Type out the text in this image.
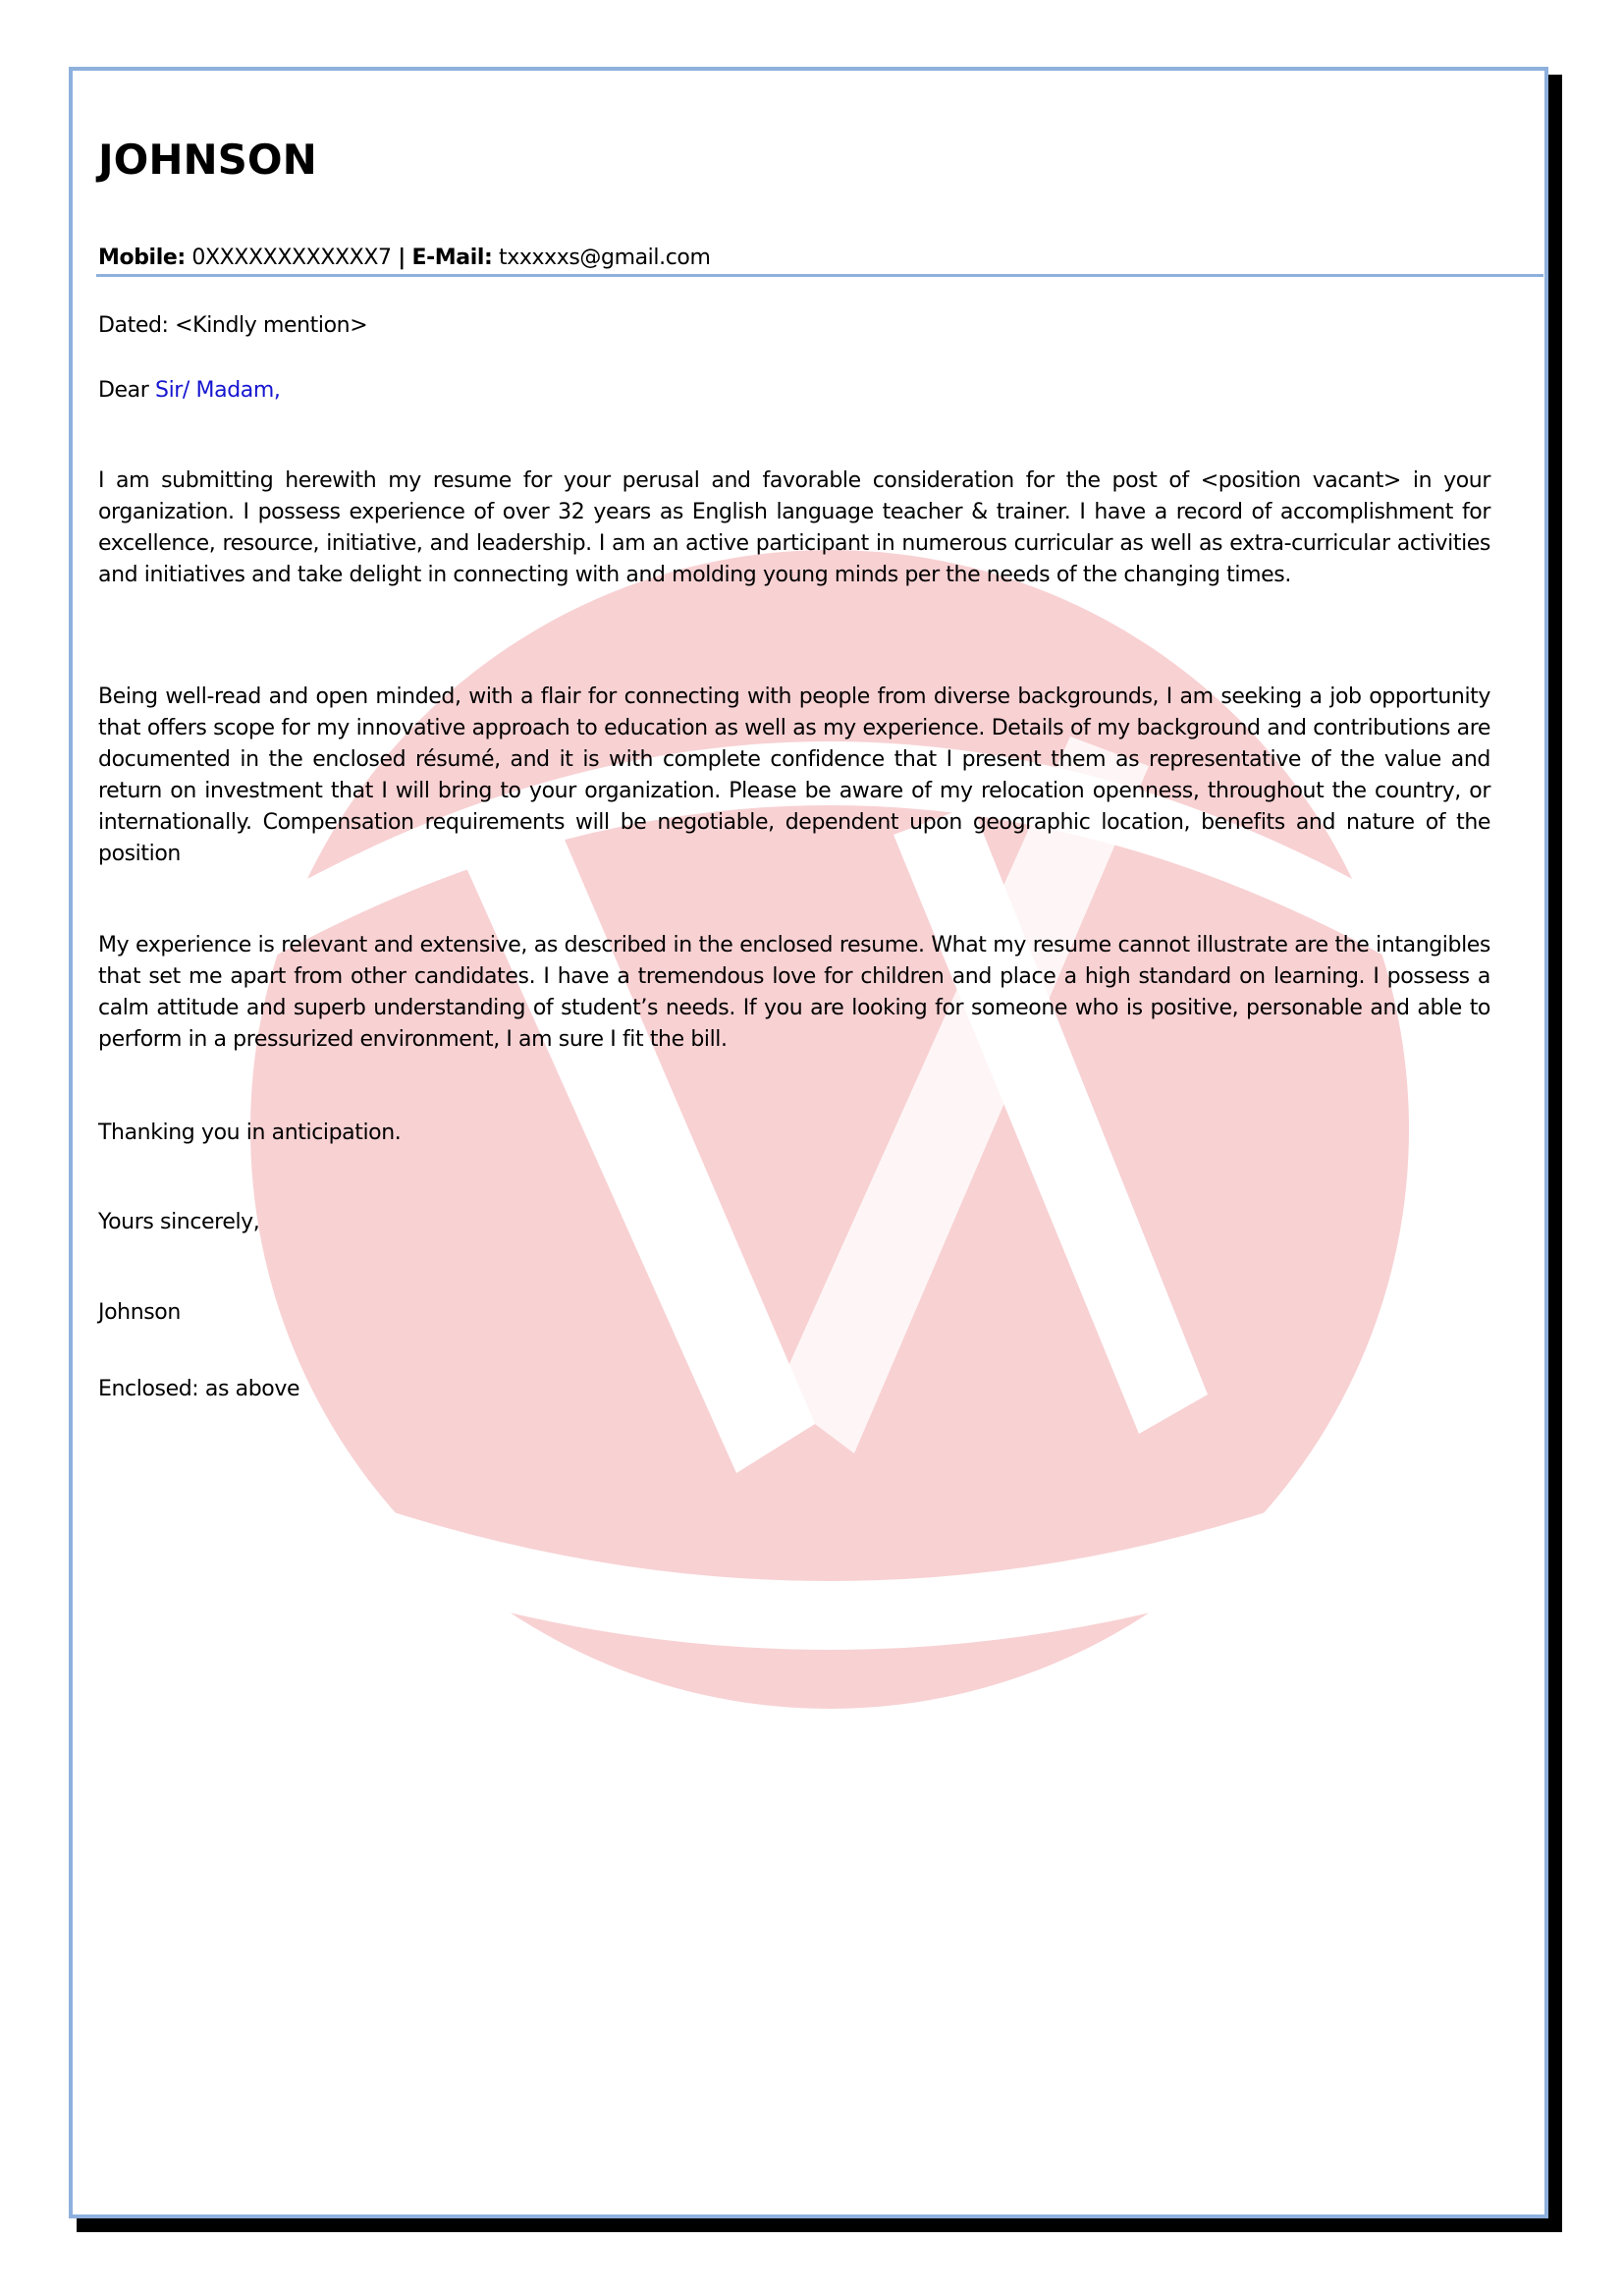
JOHNSON
Mobile: 0XXXXXXXXXXXX7 | E-Mail: txxxxxs@gmail.com
Dated: <Kindly mention>
Dear Sir/ Madam,
I am submitting herewith my resume for your perusal and favorable consideration for the post of <position vacant> in your organization. I possess experience of over 32 years as English language teacher & trainer. I have a record of accomplishment for excellence, resource, initiative, and leadership. I am an active participant in numerous curricular as well as extra-curricular activities and initiatives and take delight in connecting with and molding young minds per the needs of the changing times.
Being well-read and open minded, with a flair for connecting with people from diverse backgrounds, I am seeking a job opportunity that offers scope for my innovative approach to education as well as my experience. Details of my background and contributions are documented in the enclosed résumé, and it is with complete confidence that I present them as representative of the value and return on investment that I will bring to your organization. Please be aware of my relocation openness, throughout the country, or internationally. Compensation requirements will be negotiable, dependent upon geographic location, benefits and nature of the position
My experience is relevant and extensive, as described in the enclosed resume. What my resume cannot illustrate are the intangibles that set me apart from other candidates. I have a tremendous love for children and place a high standard on learning. I possess a calm attitude and superb understanding of student’s needs. If you are looking for someone who is positive, personable and able to perform in a pressurized environment, I am sure I fit the bill.
Thanking you in anticipation.
Yours sincerely,
Johnson
Enclosed: as above
